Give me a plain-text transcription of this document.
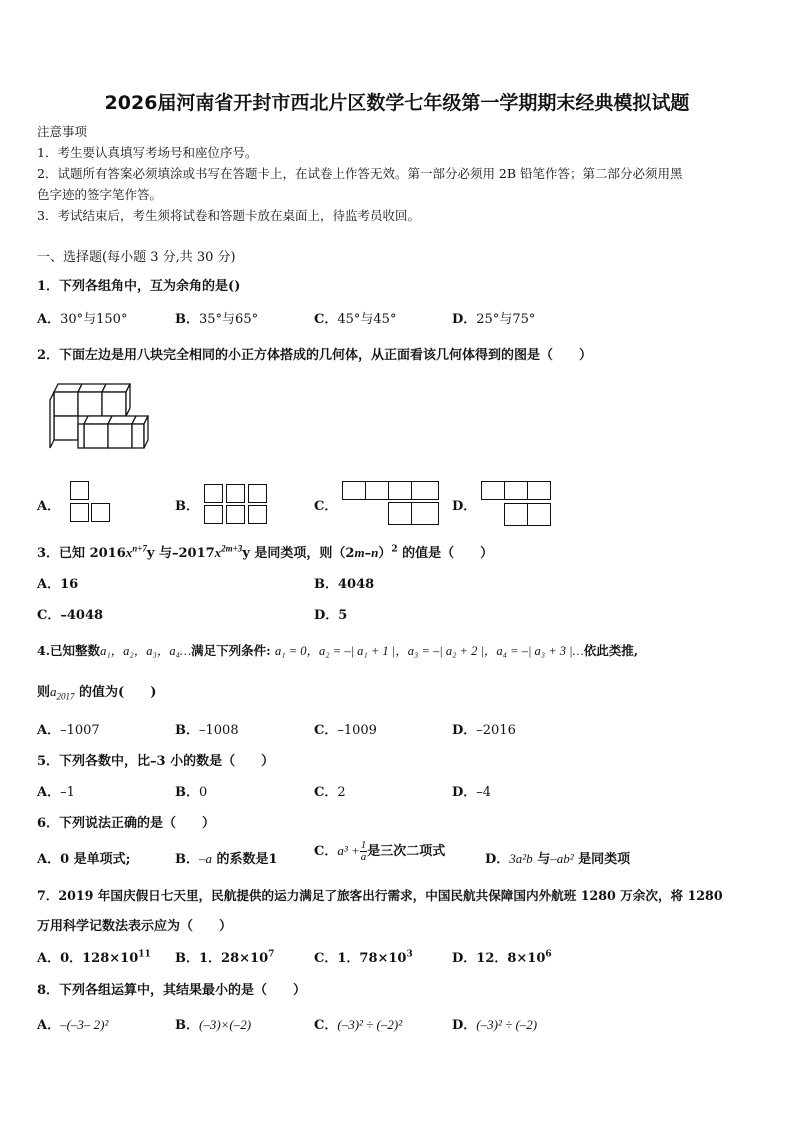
2026届河南省开封市西北片区数学七年级第一学期期末经典模拟试题
注意事项
1．考生要认真填写考场号和座位序号。
2．试题所有答案必须填涂或书写在答题卡上，在试卷上作答无效。第一部分必须用 2B 铅笔作答；第二部分必须用黑
色字迹的签字笔作答。
3．考试结束后，考生须将试卷和答题卡放在桌面上，待监考员收回。
一、选择题(每小题 3 分,共 30 分)
1．下列各组角中，互为余角的是()
A．30°与150°	B．35°与65°	C．45°与45°	D．25°与75°
2．下面左边是用八块完全相同的小正方体搭成的几何体，从正面看该几何体得到的图是（　　）
A．	B．	C．	D．
3．已知 $2016x^{n+7}y$ 与$-2017x^{2m+3}y$ 是同类项，则$(2m-n)^2$ 的值是（　　）
A．16	B．4048
C．–4048	D．5
4.已知整数a₁，a₂，a₃，a₄…满足下列条件: a₁ = 0，a₂ = –| a₁ + 1 |，a₃ = –| a₂ + 2 |，a₄ = –| a₃ + 3 |…依此类推,
则$a_{2017}$ 的值为(　　)
A．–1007	B．–1008	C．–1009	D．–2016
5．下列各数中，比–3 小的数是（　　）
A．–1	B．0	C．2	D．–4
6．下列说法正确的是（　　）
A．0 是单项式;	B．–a 的系数是1
C．$a^3 + \frac{1}{a}$ 是三次二项式
D．3a²b 与–ab² 是同类项
7．2019 年国庆假日七天里，民航提供的运力满足了旅客出行需求，中国民航共保障国内外航班 1280 万余次，将 1280
万用科学记数法表示应为（　　）
A．0．$128\times 10^{11}$ B．1．$28\times 10^7$	C．1．$78\times 10^3$	D．12．$8\times 10^6$
8．下列各组运算中，其结果最小的是（　　）
A．–(–3– 2)²	B．(–3)×(–2)	C．(–3)² ÷ (–2)²	D．(–3)² ÷ (–2)
